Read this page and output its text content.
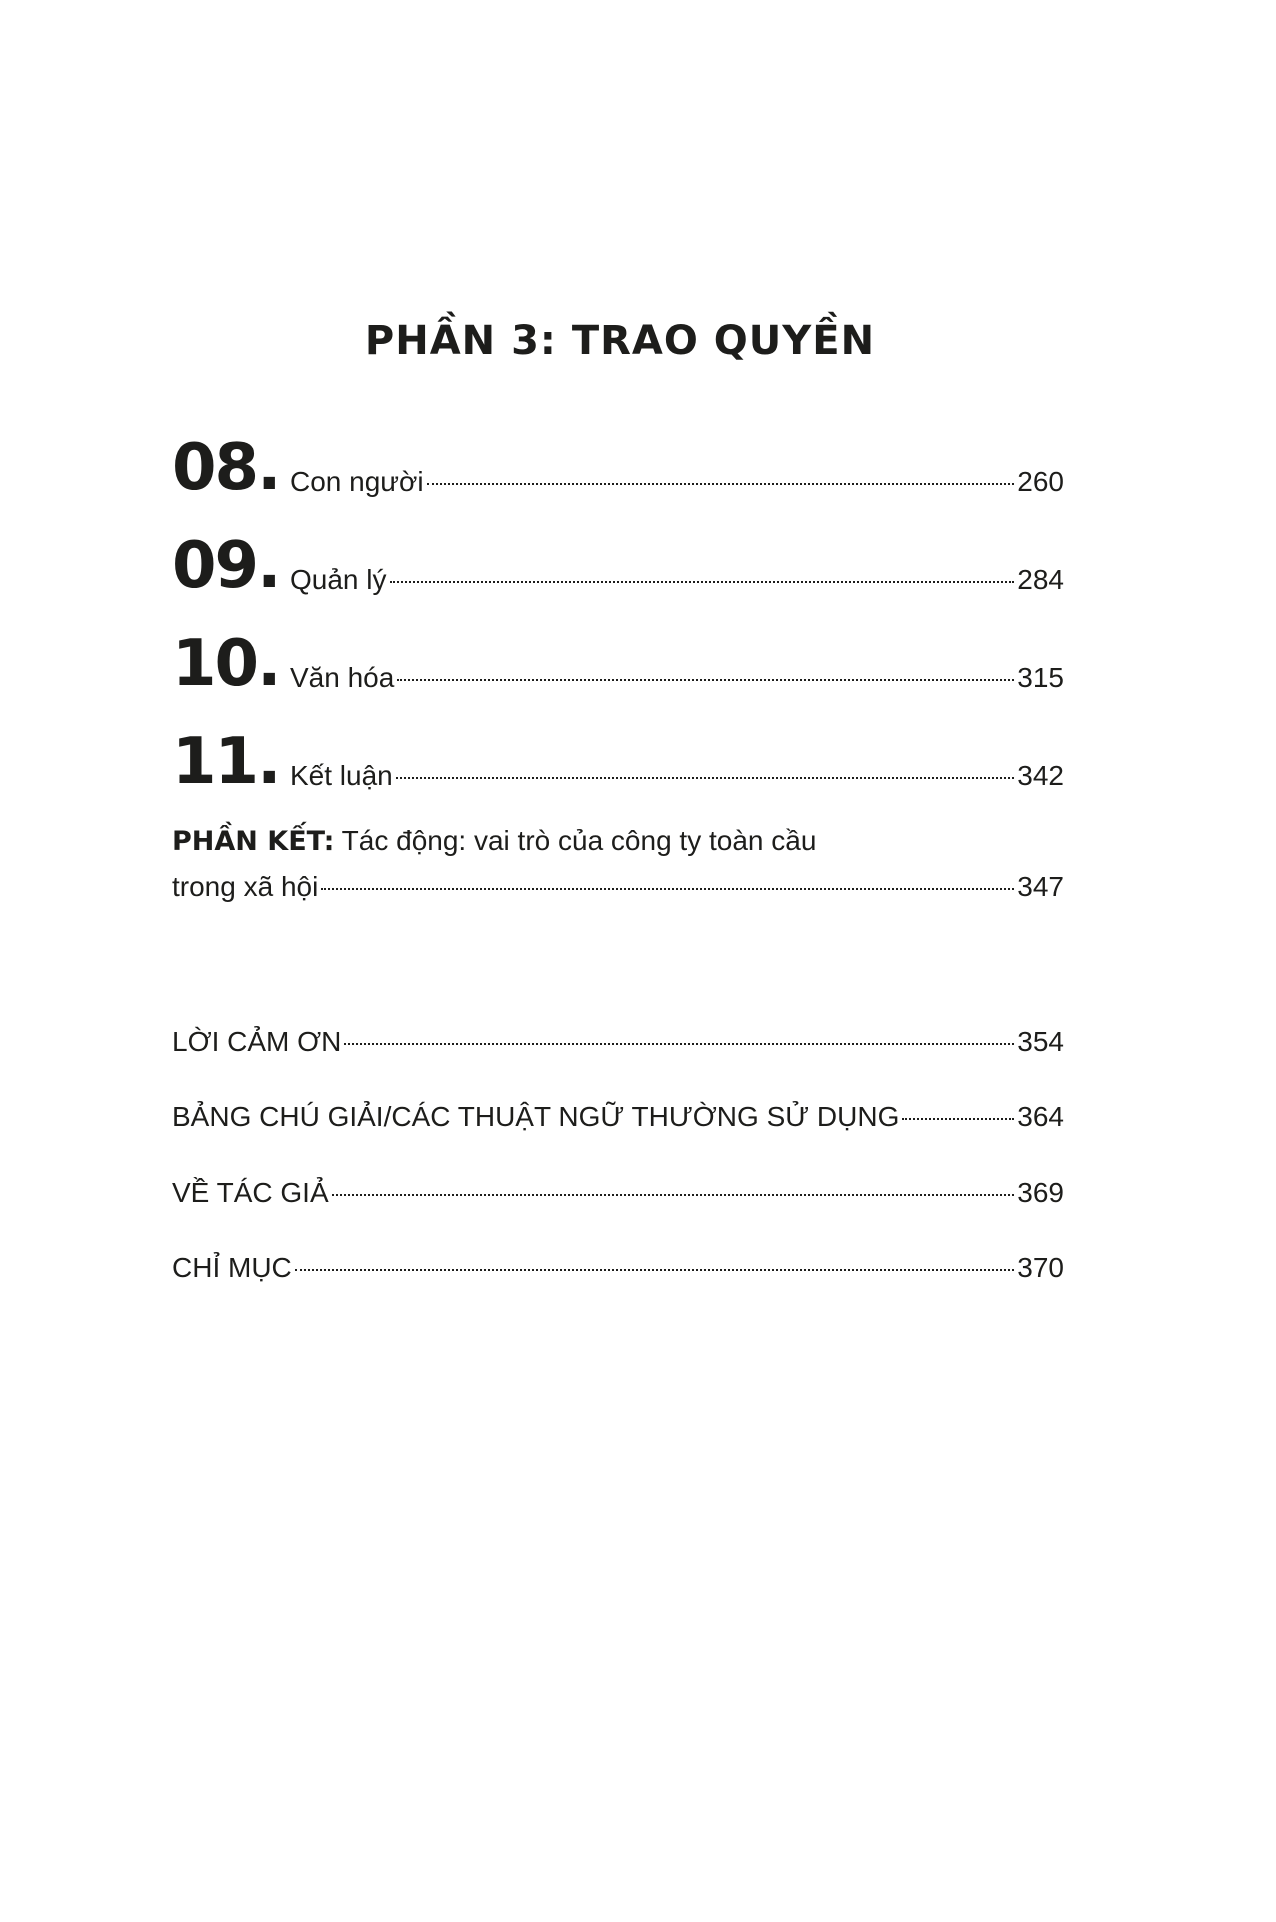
PHẦN 3: TRAO QUYỀN
08. Con người	260
09. Quản lý	284
10. Văn hóa	315
11. Kết luận	342
PHẦN KẾT: Tác động: vai trò của công ty toàn cầu
trong xã hội	347
LỜI CẢM ƠN	354
BẢNG CHÚ GIẢI/CÁC THUẬT NGỮ THƯỜNG SỬ DỤNG	364
VỀ TÁC GIẢ	369
CHỈ MỤC	370
